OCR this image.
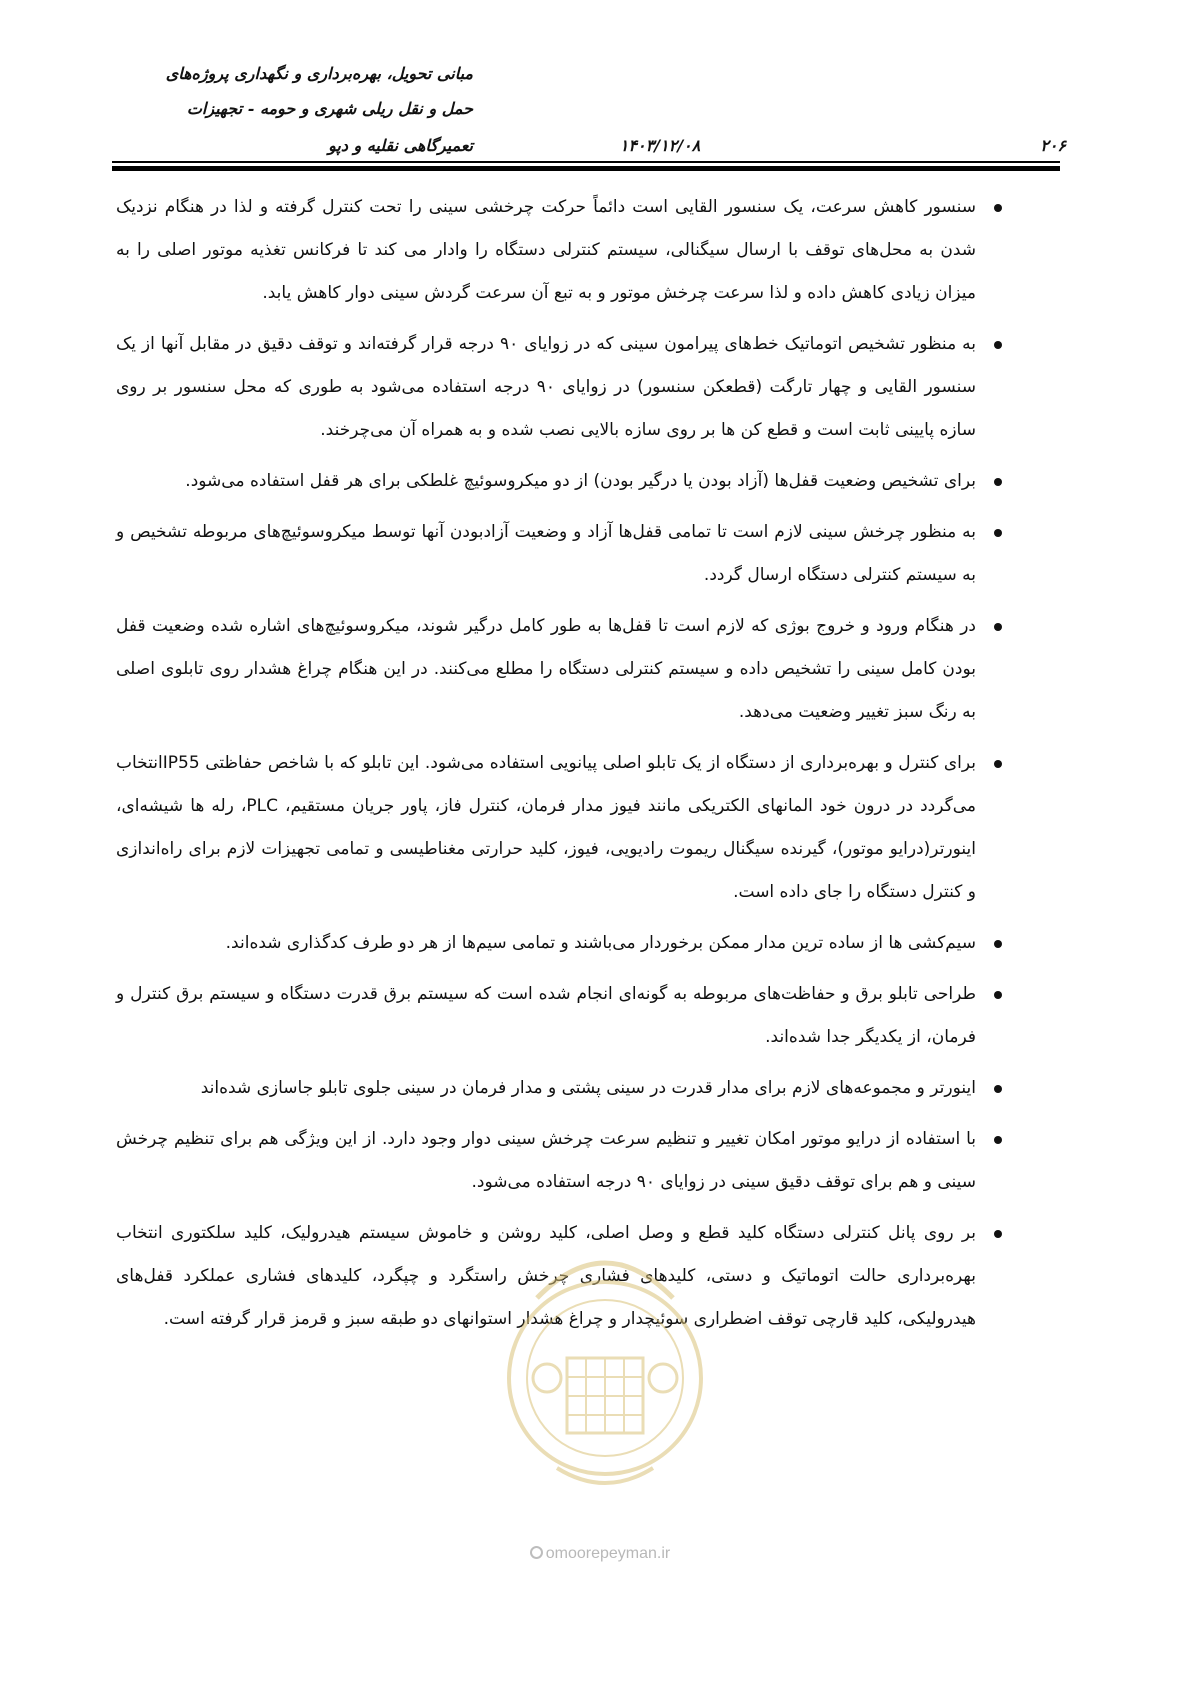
مبانی تحویل، بهره‌برداری و نگهداری پروژه‌های
حمل و نقل ریلی شهری و حومه - تجهیزات
تعمیرگاهی نقلیه و دپو	۱۴۰۳/۱۲/۰۸	۲۰۶
سنسور کاهش سرعت، یک سنسور القایی است دائماً حرکت چرخشی سینی را تحت کنترل گرفته و لذا در هنگام نزدیک شدن به محل‌های توقف با ارسال سیگنالی، سیستم کنترلی دستگاه را وادار می کند تا فرکانس تغذیه موتور اصلی را به میزان زیادی کاهش داده و لذا سرعت چرخش موتور و به تبع آن سرعت گردش سینی دوار کاهش یابد.
به منظور تشخیص اتوماتیک خط‌های پیرامون سینی که در زوایای ۹۰ درجه قرار گرفته‌اند و توقف دقیق در مقابل آنها از یک سنسور القایی و چهار تارگت (قطعکن سنسور) در زوایای ۹۰ درجه استفاده می‌شود به طوری که محل سنسور بر روی سازه پایینی ثابت است و قطع کن ها بر روی سازه بالایی نصب شده و به همراه آن می‌چرخند.
برای تشخیص وضعیت قفل‌ها (آزاد بودن یا درگیر بودن) از دو میکروسوئیچ غلطکی برای هر قفل استفاده می‌شود.
به منظور چرخش سینی لازم است تا تمامی قفل‌ها آزاد و وضعیت آزادبودن آنها توسط میکروسوئیچ‌های مربوطه تشخیص و به سیستم کنترلی دستگاه ارسال گردد.
در هنگام ورود و خروج بوژی که لازم است تا قفل‌ها به طور کامل درگیر شوند، میکروسوئیچ‌های اشاره شده وضعیت قفل بودن کامل سینی را تشخیص داده و سیستم کنترلی دستگاه را مطلع می‌کنند. در این هنگام چراغ هشدار روی تابلوی اصلی به رنگ سبز تغییر وضعیت می‌دهد.
برای کنترل و بهره‌برداری از دستگاه از یک تابلو اصلی پیانویی استفاده می‌شود. این تابلو که با شاخص حفاظتی IP55انتخاب می‌گردد در درون خود المانهای الکتریکی مانند فیوز مدار فرمان، کنترل فاز، پاور جریان مستقیم، PLC، رله ها شیشه‌ای، اینورتر(درایو موتور)، گیرنده سیگنال ریموت رادیویی، فیوز، کلید حرارتی مغناطیسی و تمامی تجهیزات لازم برای راه‌اندازی و کنترل دستگاه را جای داده است.
سیم‌کشی ها از ساده ترین مدار ممکن برخوردار می‌باشند و تمامی سیم‌ها از هر دو طرف کدگذاری شده‌اند.
طراحی تابلو برق و حفاظت‌های مربوطه به گونه‌ای انجام شده است که سیستم برق قدرت دستگاه و سیستم برق کنترل و فرمان، از یکدیگر جدا شده‌اند.
اینورتر و مجموعه‌های لازم برای مدار قدرت در سینی پشتی و مدار فرمان در سینی جلوی تابلو جاسازی شده‌اند
با استفاده از درایو موتور امکان تغییر و تنظیم سرعت چرخش سینی دوار وجود دارد. از این ویژگی هم برای تنظیم چرخش سینی و هم برای توقف دقیق سینی در زوایای ۹۰ درجه استفاده می‌شود.
بر روی پانل کنترلی دستگاه کلید قطع و وصل اصلی، کلید روشن و خاموش سیستم هیدرولیک، کلید سلکتوری انتخاب بهره‌برداری حالت اتوماتیک و دستی، کلیدهای فشاری چرخش راستگرد و چپگرد، کلیدهای فشاری عملکرد قفل‌های هیدرولیکی، کلید قارچی توقف اضطراری سوئیچدار و چراغ هشدار استوانهای دو طبقه سبز و قرمز قرار گرفته است.
omoorepeyman.ir
